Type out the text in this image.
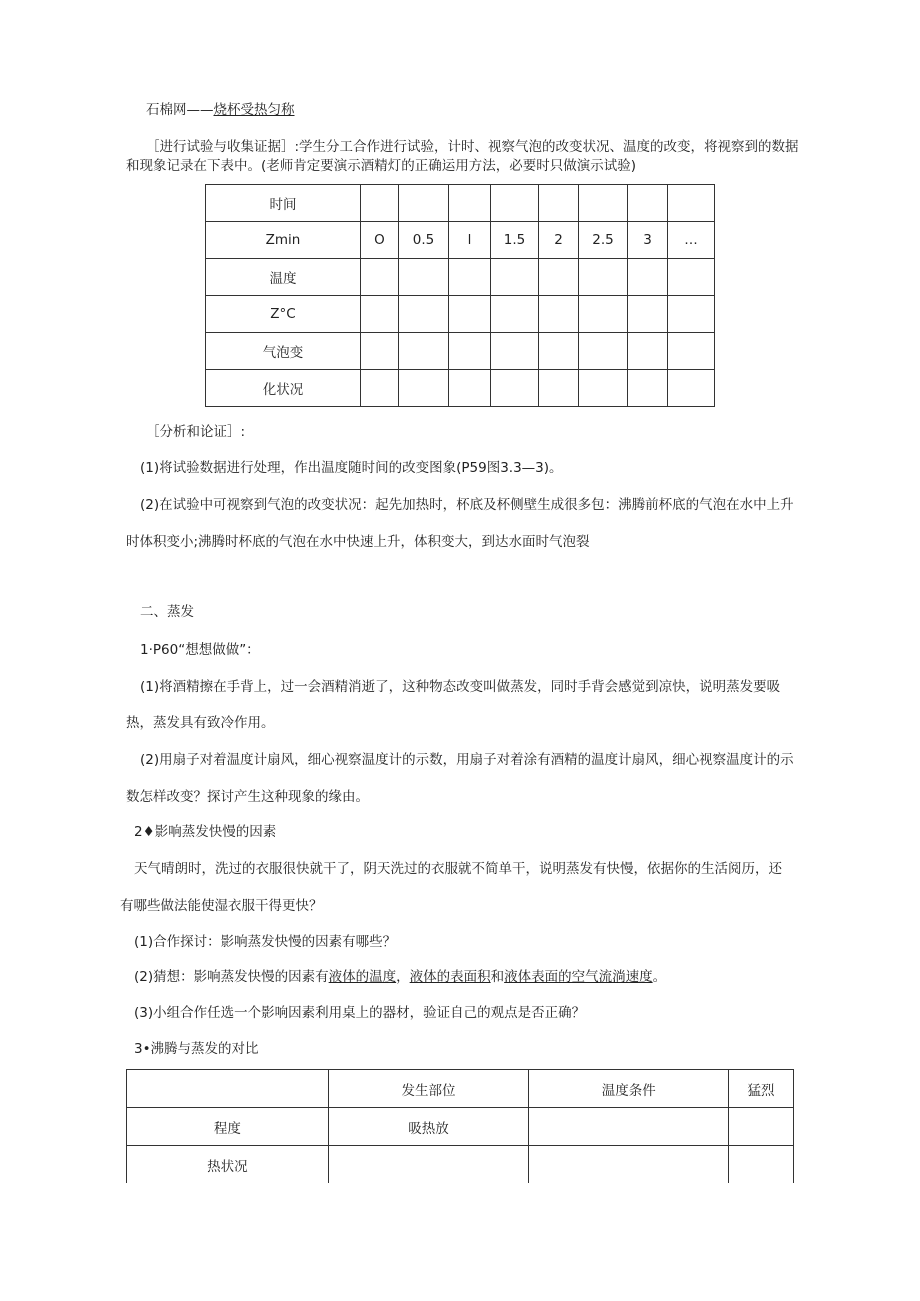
石棉网——烧杯受热匀称
［进行试验与收集证据］:学生分工合作进行试验，计时、视察气泡的改变状况、温度的改变，将视察到的数据
和现象记录在下表中。(老师肯定要演示酒精灯的正确运用方法，必要时只做演示试验)
时间								
Zmin	O	0.5	l	1.5	2	2.5	3	…
温度								
Z°C								
气泡变								
化状况								
［分析和论证］:
(1)将试验数据进行处理，作出温度随时间的改变图象(P59图3.3—3)。
(2)在试验中可视察到气泡的改变状况：起先加热时，杯底及杯侧壁生成很多包：沸腾前杯底的气泡在水中上升
时体积变小;沸腾时杯底的气泡在水中快速上升，体积变大，到达水面时气泡裂
二、蒸发
1·P60“想想做做”：
(1)将酒精擦在手背上，过一会酒精消逝了，这种物态改变叫做蒸发，同时手背会感觉到凉快，说明蒸发要吸
热，蒸发具有致冷作用。
(2)用扇子对着温度计扇风，细心视察温度计的示数，用扇子对着涂有酒精的温度计扇风，细心视察温度计的示
数怎样改变？探讨产生这种现象的缘由。
2♦影响蒸发快慢的因素
天气晴朗时，洗过的衣服很快就干了，阴天洗过的衣服就不简单干，说明蒸发有快慢，依据你的生活阅历，还
有哪些做法能使湿衣服干得更快？
(1)合作探讨：影响蒸发快慢的因素有哪些？
(2)猜想：影响蒸发快慢的因素有液体的温度，液体的表面积和液体表面的空气流淌速度。
(3)小组合作任选一个影响因素利用桌上的器材，验证自己的观点是否正确？
3•沸腾与蒸发的对比
	发生部位	温度条件	猛烈
程度	吸热放		
热状况			
